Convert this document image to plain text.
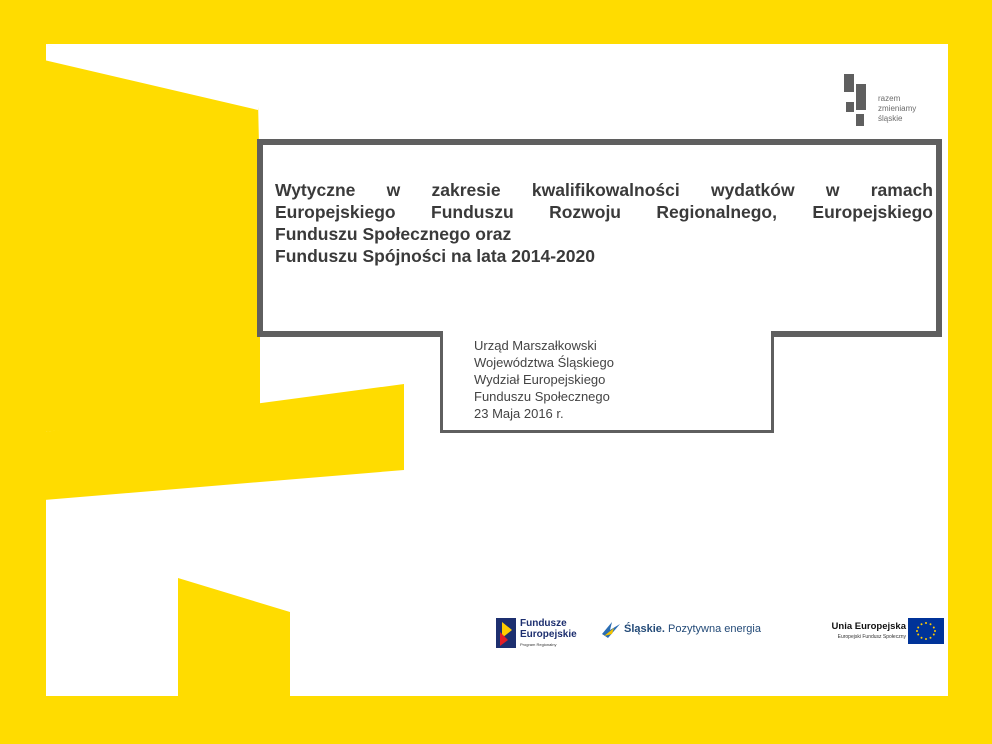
razem
zmieniamy
śląskie
Wytyczne w zakresie kwalifikowalności wydatków w ramach
Europejskiego Funduszu Rozwoju Regionalnego, Europejskiego
Funduszu Społecznego oraz
Funduszu Spójności na lata 2014-2020
Urząd Marszałkowski
Województwa Śląskiego
Wydział Europejskiego
Funduszu Społecznego
23 Maja 2016 r.
Fundusze
Europejskie
Program Regionalny
Śląskie. Pozytywna energia	Unia Europejska
Europejski Fundusz Społeczny
